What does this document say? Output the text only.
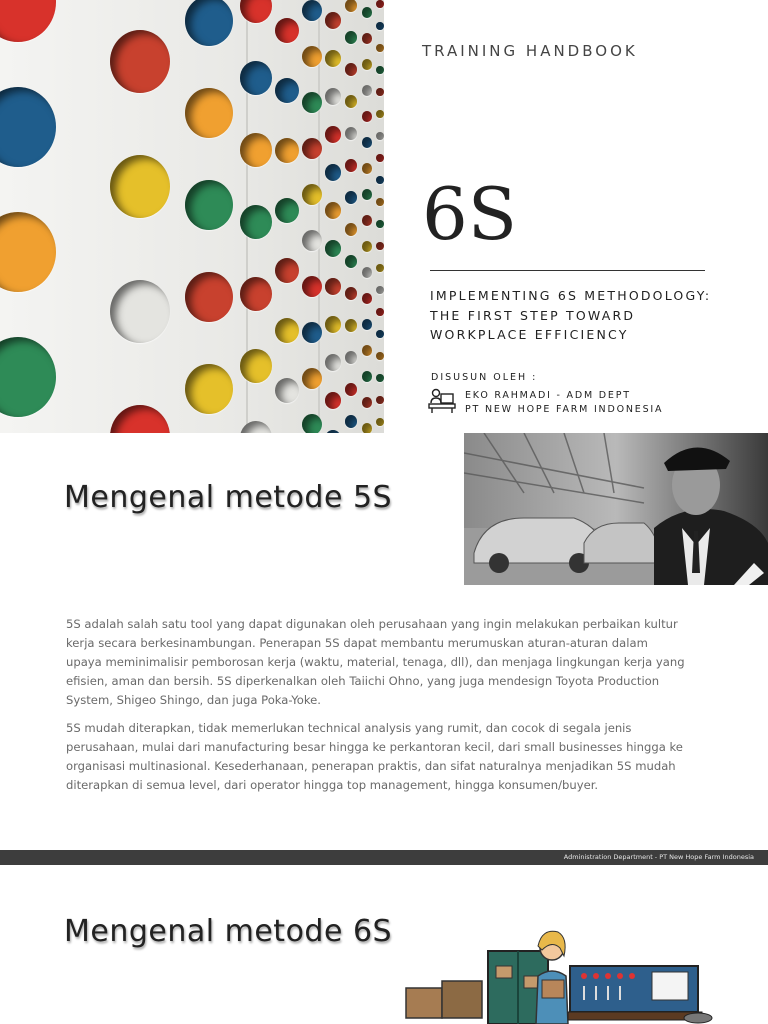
TRAINING HANDBOOK
6S
IMPLEMENTING 6S METHODOLOGY:
THE FIRST STEP TOWARD
WORKPLACE EFFICIENCY
DISUSUN OLEH :
EKO RAHMADI - ADM DEPT
PT NEW HOPE FARM INDONESIA
Mengenal metode 5S

5S adalah salah satu tool yang dapat digunakan oleh perusahaan yang ingin melakukan perbaikan kultur kerja secara berkesinambungan. Penerapan 5S dapat membantu merumuskan aturan-aturan dalam upaya meminimalisir pemborosan kerja (waktu, material, tenaga, dll), dan menjaga lingkungan kerja yang efisien, aman dan bersih. 5S diperkenalkan oleh Taiichi Ohno, yang juga mendesign Toyota Production System, Shigeo Shingo, dan juga Poka-Yoke.

5S mudah diterapkan, tidak memerlukan technical analysis yang rumit, dan cocok di segala jenis perusahaan, mulai dari manufacturing besar hingga ke perkantoran kecil, dari small businesses hingga ke organisasi multinasional. Kesederhanaan, penerapan praktis, dan sifat naturalnya menjadikan 5S mudah diterapkan di semua level, dari operator hingga top management, hingga konsumen/buyer.

Administration Department - PT New Hope Farm Indonesia
Mengenal metode 6S
